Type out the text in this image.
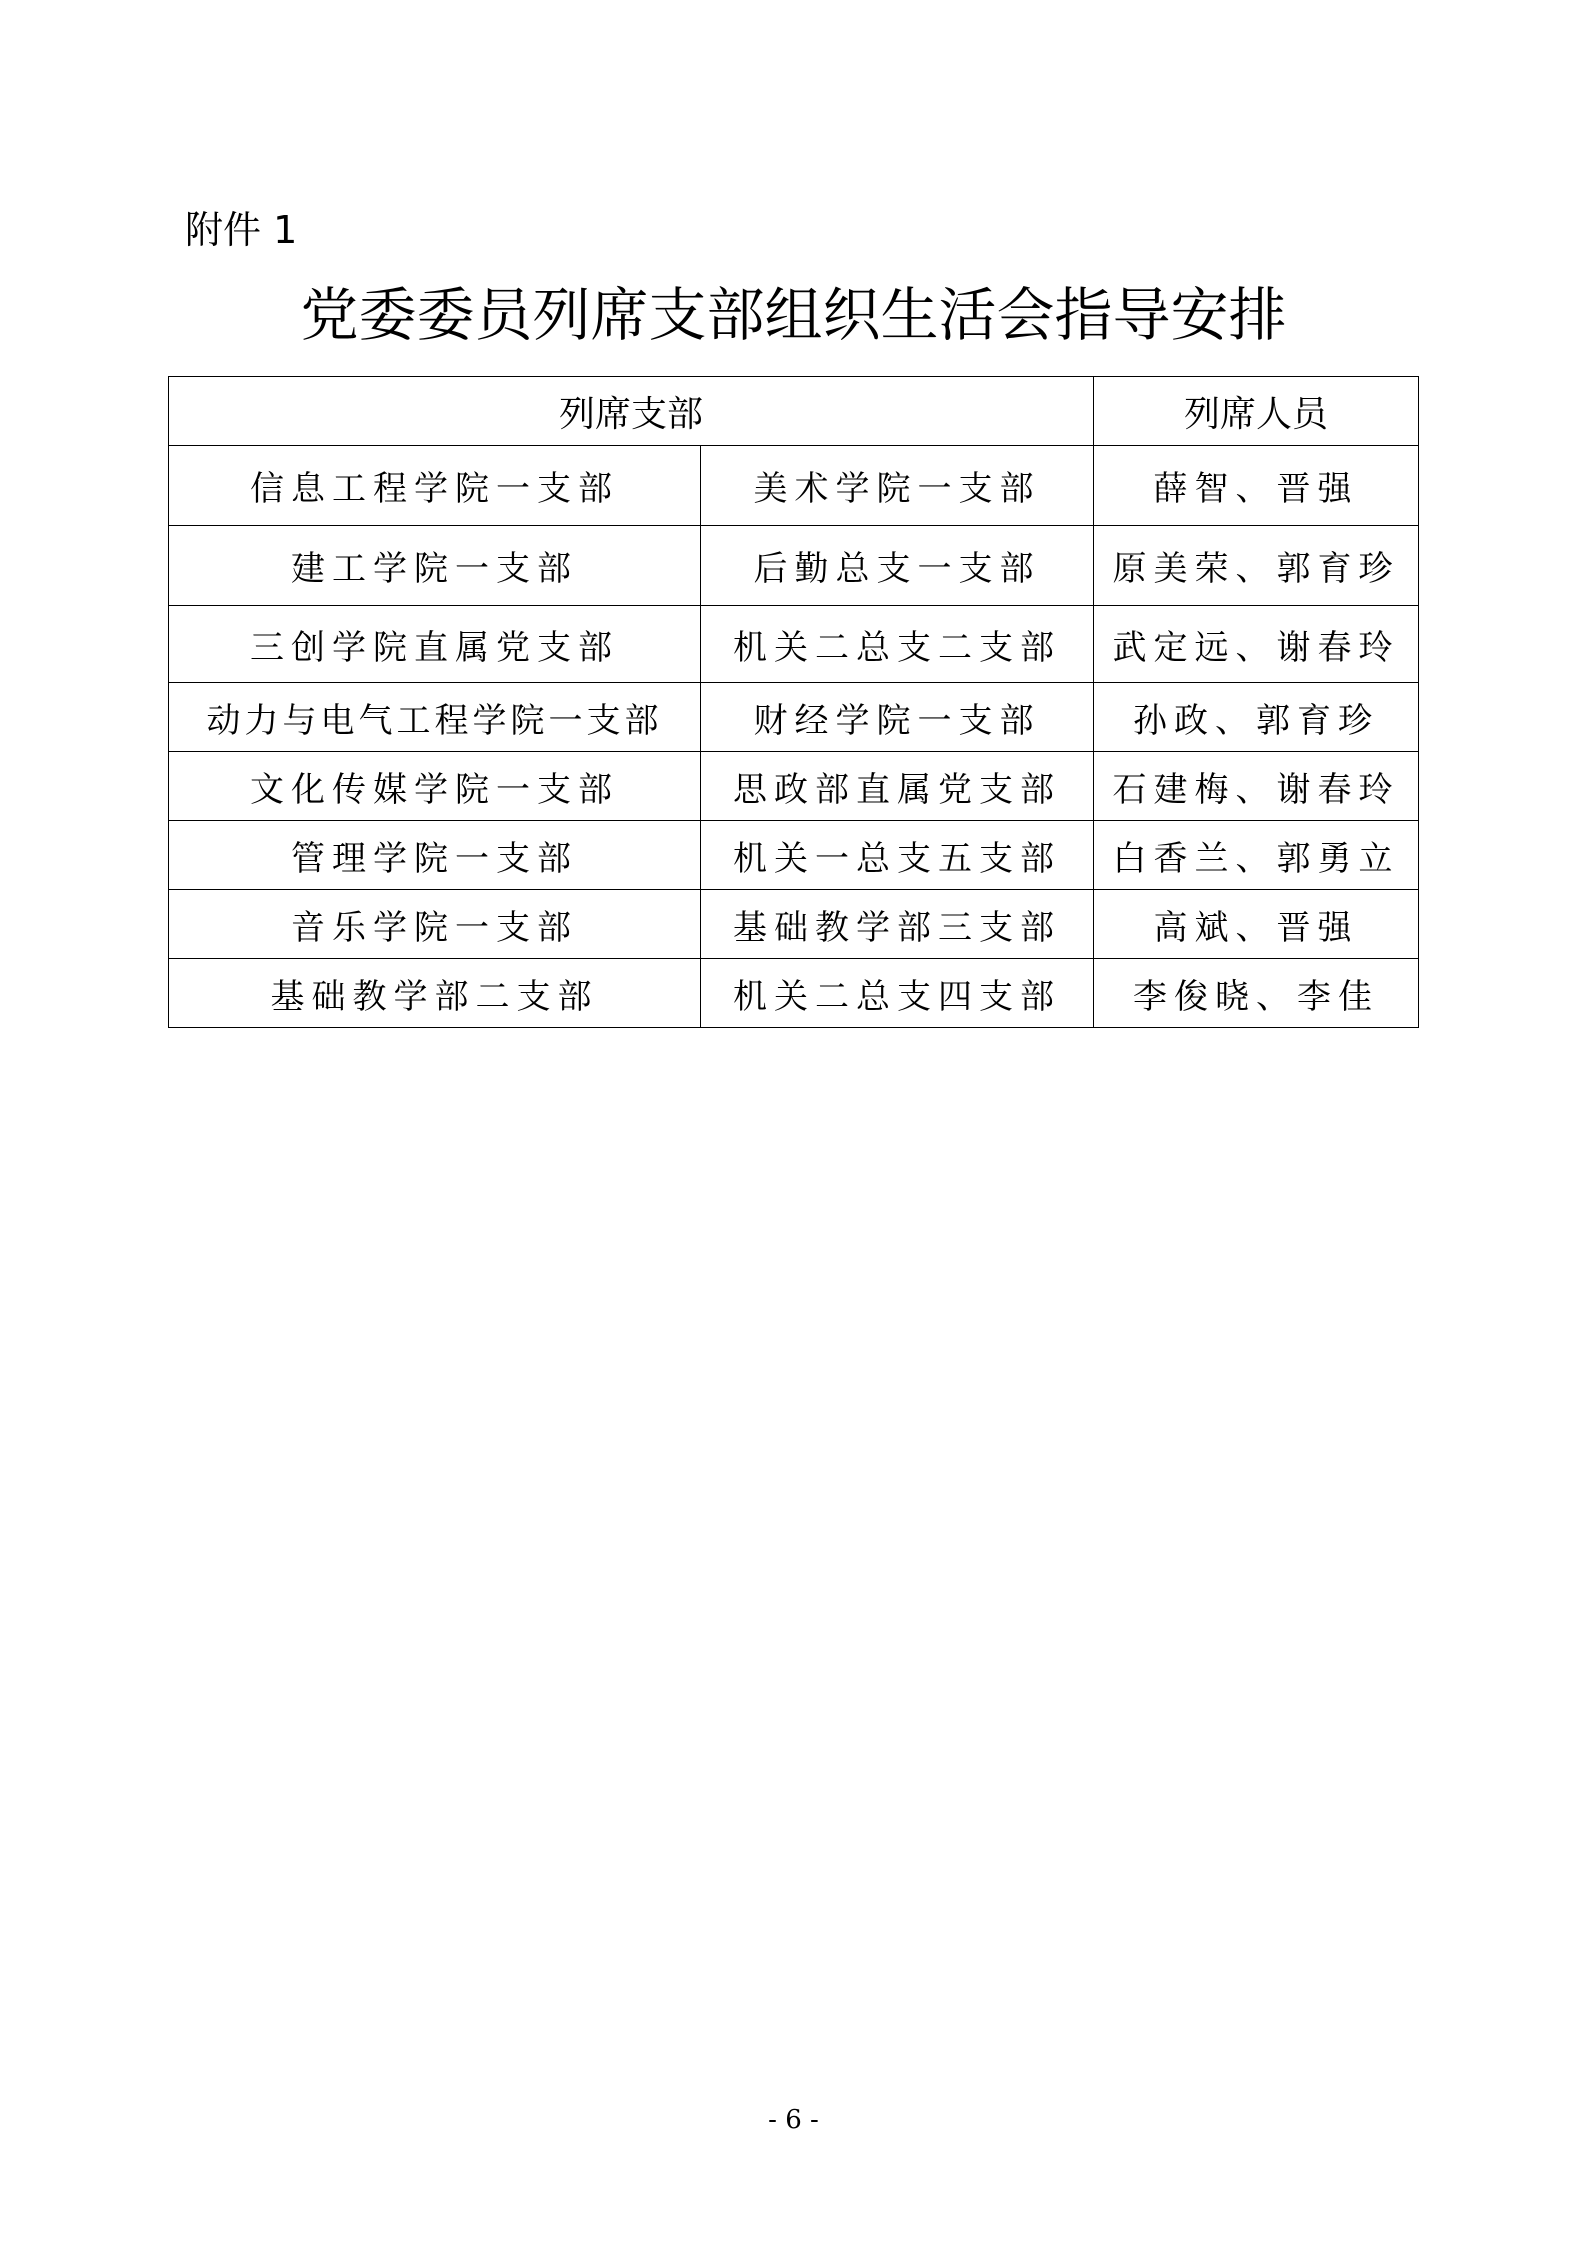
附件 1
党委委员列席支部组织生活会指导安排
列席支部		列席人员
信息工程学院一支部	美术学院一支部	薛智、晋强
建工学院一支部	后勤总支一支部	原美荣、郭育珍
三创学院直属党支部	机关二总支二支部	武定远、谢春玲
动力与电气工程学院一支部	财经学院一支部	孙政、郭育珍
文化传媒学院一支部	思政部直属党支部	石建梅、谢春玲
管理学院一支部	机关一总支五支部	白香兰、郭勇立
音乐学院一支部	基础教学部三支部	高斌、晋强
基础教学部二支部	机关二总支四支部	李俊晓、李佳
- 6 -
